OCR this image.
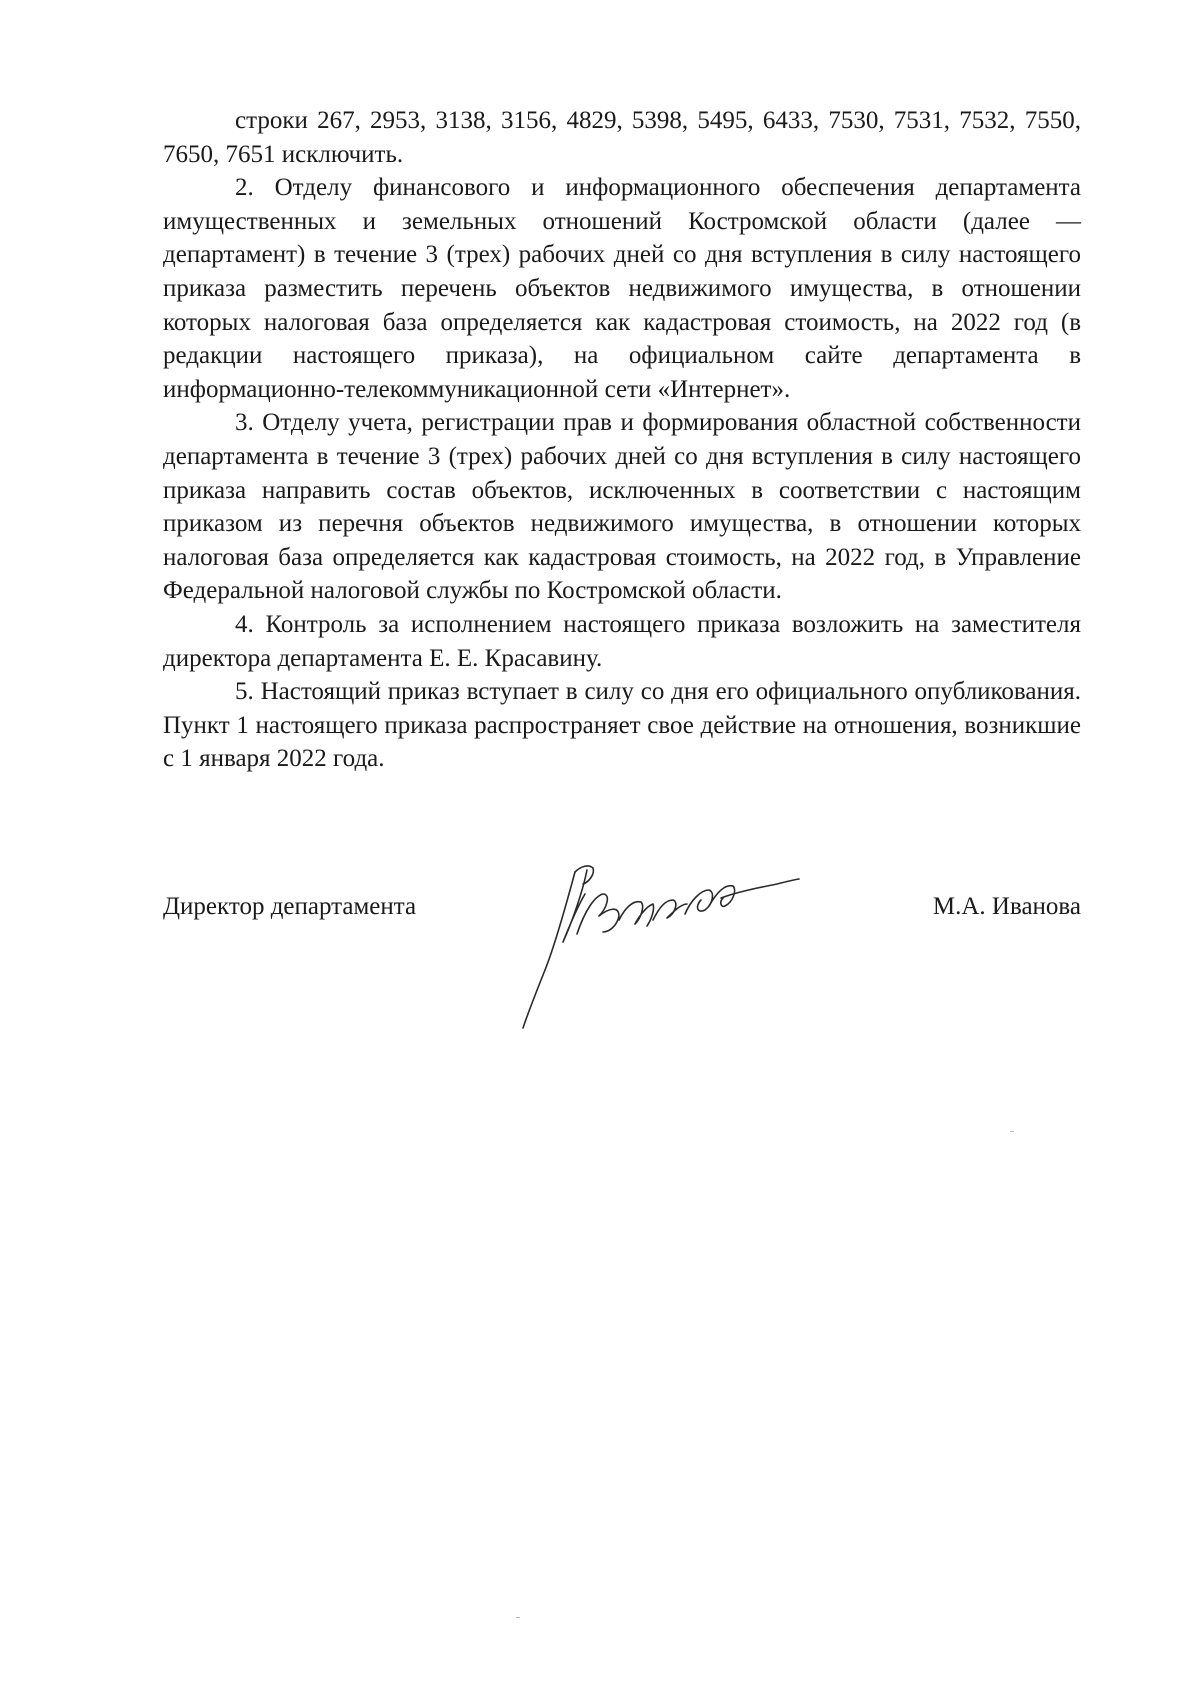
строки 267, 2953, 3138, 3156, 4829, 5398, 5495, 6433, 7530, 7531, 7532, 7550, 7650, 7651 исключить.

2. Отделу финансового и информационного обеспечения департамента имущественных и земельных отношений Костромской области (далее — департамент) в течение 3 (трех) рабочих дней со дня вступления в силу настоящего приказа разместить перечень объектов недвижимого имущества, в отношении которых налоговая база определяется как кадастровая стоимость, на 2022 год (в редакции настоящего приказа), на официальном сайте департамента в информационно-телекоммуникационной сети «Интернет».

3. Отделу учета, регистрации прав и формирования областной собственности департамента в течение 3 (трех) рабочих дней со дня вступления в силу настоящего приказа направить состав объектов, исключенных в соответствии с настоящим приказом из перечня объектов недвижимого имущества, в отношении которых налоговая база определяется как кадастровая стоимость, на 2022 год, в Управление Федеральной налоговой службы по Костромской области.

4. Контроль за исполнением настоящего приказа возложить на заместителя директора департамента Е. Е. Красавину.

5. Настоящий приказ вступает в силу со дня его официального опубликования. Пункт 1 настоящего приказа распространяет свое действие на отношения, возникшие с 1 января 2022 года.

Директор департамента	М.А. Иванова
